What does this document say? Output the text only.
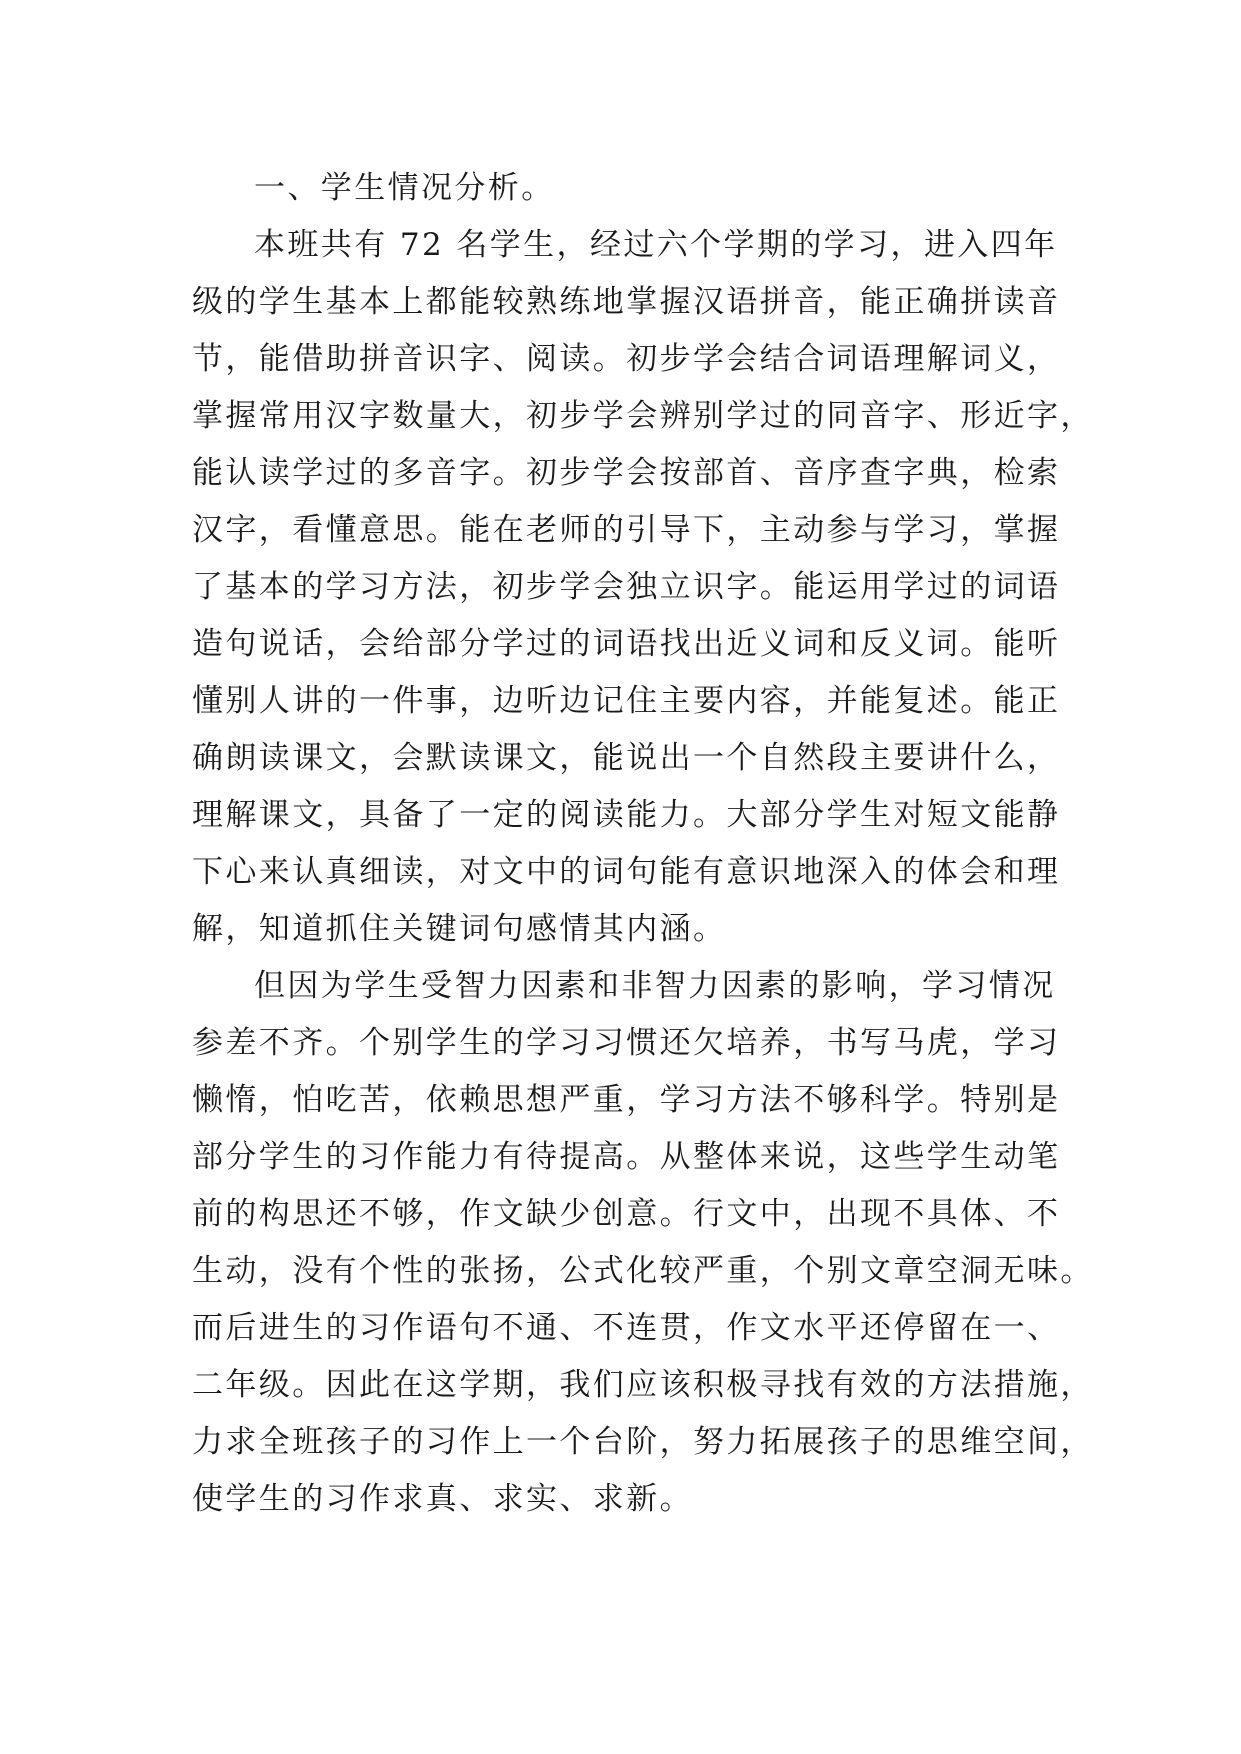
一、学生情况分析。
本班共有 72 名学生，经过六个学期的学习，进入四年
级的学生基本上都能较熟练地掌握汉语拼音，能正确拼读音
节，能借助拼音识字、阅读。初步学会结合词语理解词义，
掌握常用汉字数量大，初步学会辨别学过的同音字、形近字，
能认读学过的多音字。初步学会按部首、音序查字典，检索
汉字，看懂意思。能在老师的引导下，主动参与学习，掌握
了基本的学习方法，初步学会独立识字。能运用学过的词语
造句说话，会给部分学过的词语找出近义词和反义词。能听
懂别人讲的一件事，边听边记住主要内容，并能复述。能正
确朗读课文，会默读课文，能说出一个自然段主要讲什么，
理解课文，具备了一定的阅读能力。大部分学生对短文能静
下心来认真细读，对文中的词句能有意识地深入的体会和理
解，知道抓住关键词句感情其内涵。
但因为学生受智力因素和非智力因素的影响，学习情况
参差不齐。个别学生的学习习惯还欠培养，书写马虎，学习
懒惰，怕吃苦，依赖思想严重，学习方法不够科学。特别是
部分学生的习作能力有待提高。从整体来说，这些学生动笔
前的构思还不够，作文缺少创意。行文中，出现不具体、不
生动，没有个性的张扬，公式化较严重，个别文章空洞无味。
而后进生的习作语句不通、不连贯，作文水平还停留在一、
二年级。因此在这学期，我们应该积极寻找有效的方法措施，
力求全班孩子的习作上一个台阶，努力拓展孩子的思维空间，
使学生的习作求真、求实、求新。
